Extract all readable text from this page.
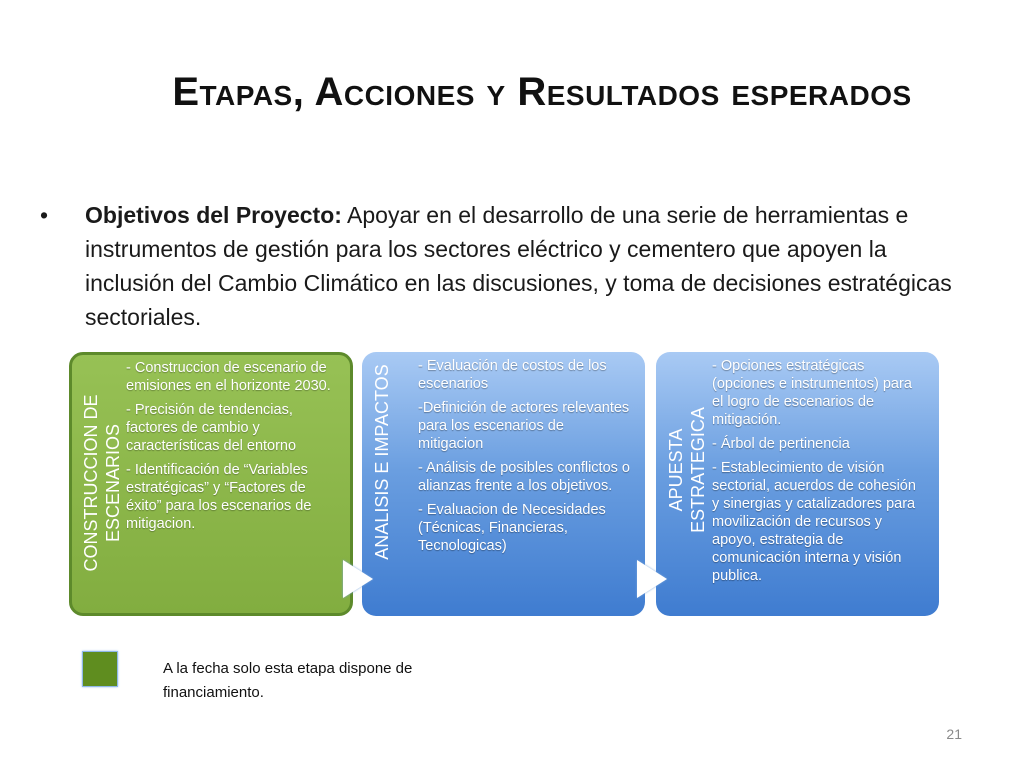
Etapas, Acciones y Resultados esperados
• Objetivos del Proyecto: Apoyar en el desarrollo de una serie de herramientas e instrumentos de gestión para los sectores eléctrico y cementero que apoyen la inclusión del Cambio Climático en las discusiones, y toma de decisiones estratégicas sectoriales.
CONSTRUCCION DE ESCENARIOS
- Construccion de escenario de emisiones en el horizonte 2030.
- Precisión de tendencias, factores de cambio y características del entorno
- Identificación de “Variables estratégicas” y “Factores de éxito” para los escenarios de mitigacion.	ANALISIS E IMPACTOS - Evaluación de costos de los escenarios
-Definición de actores relevantes para los escenarios de mitigacion
- Análisis de posibles conflictos o alianzas frente a los objetivos.
- Evaluacion de Necesidades (Técnicas, Financieras, Tecnologicas)
APUESTA ESTRATEGICA
- Opciones estratégicas (opciones e instrumentos) para el logro de escenarios de mitigación.
- Árbol de pertinencia
- Establecimiento de visión sectorial, acuerdos de cohesión y sinergias y catalizadores para movilización de recursos y apoyo, estrategia de comunicación interna y visión publica.
A la fecha solo esta etapa dispone de financiamiento.
21
